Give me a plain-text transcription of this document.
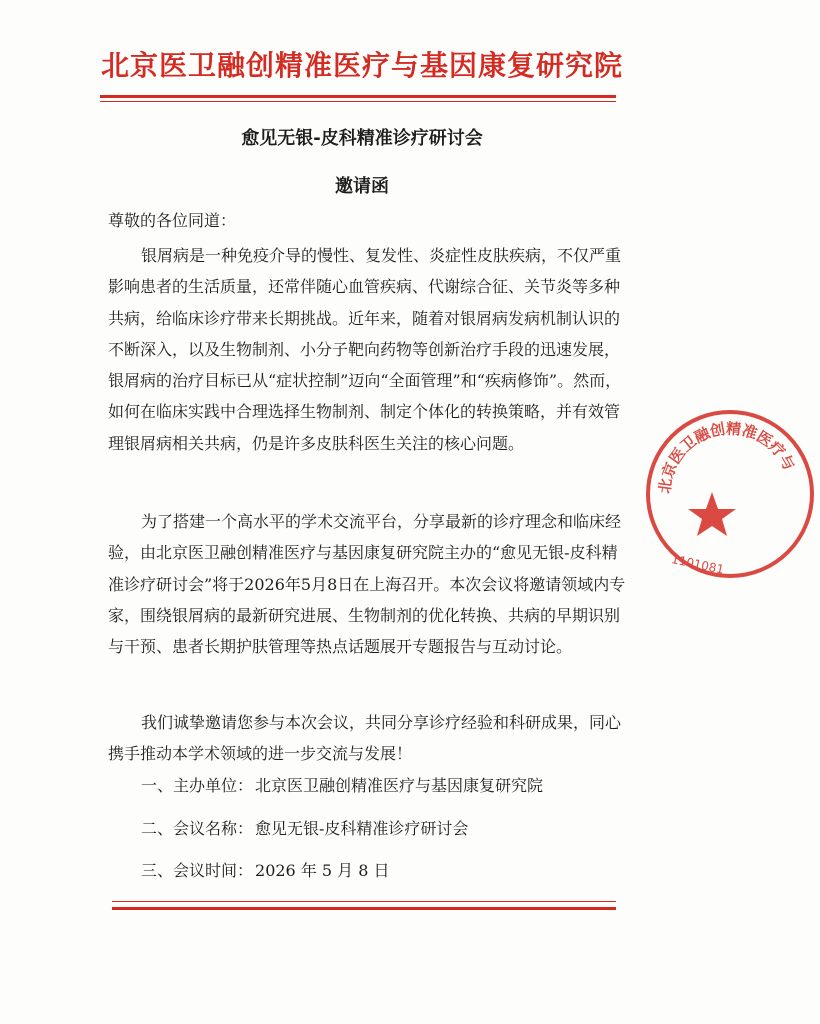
北京医卫融创精准医疗与基因康复研究院
愈见无银-皮科精准诊疗研讨会
邀请函
尊敬的各位同道：

银屑病是一种免疫介导的慢性、复发性、炎症性皮肤疾病，不仅严重影响患者的生活质量，还常伴随心血管疾病、代谢综合征、关节炎等多种共病，给临床诊疗带来长期挑战。近年来，随着对银屑病发病机制认识的不断深入，以及生物制剂、小分子靶向药物等创新治疗手段的迅速发展，银屑病的治疗目标已从“症状控制”迈向“全面管理”和“疾病修饰”。然而，如何在临床实践中合理选择生物制剂、制定个体化的转换策略，并有效管理银屑病相关共病，仍是许多皮肤科医生关注的核心问题。

为了搭建一个高水平的学术交流平台，分享最新的诊疗理念和临床经验，由北京医卫融创精准医疗与基因康复研究院主办的“愈见无银-皮科精准诊疗研讨会”将于2026年5月8日在上海召开。本次会议将邀请领域内专家，围绕银屑病的最新研究进展、生物制剂的优化转换、共病的早期识别与干预、患者长期护肤管理等热点话题展开专题报告与互动讨论。

我们诚挚邀请您参与本次会议，共同分享诊疗经验和科研成果，同心携手推动本学术领域的进一步交流与发展！

一、主办单位： 北京医卫融创精准医疗与基因康复研究院
二、会议名称： 愈见无银-皮科精准诊疗研讨会
三、会议时间： 2026 年 5 月 8 日
北京医卫融创精准医疗与
1101081
